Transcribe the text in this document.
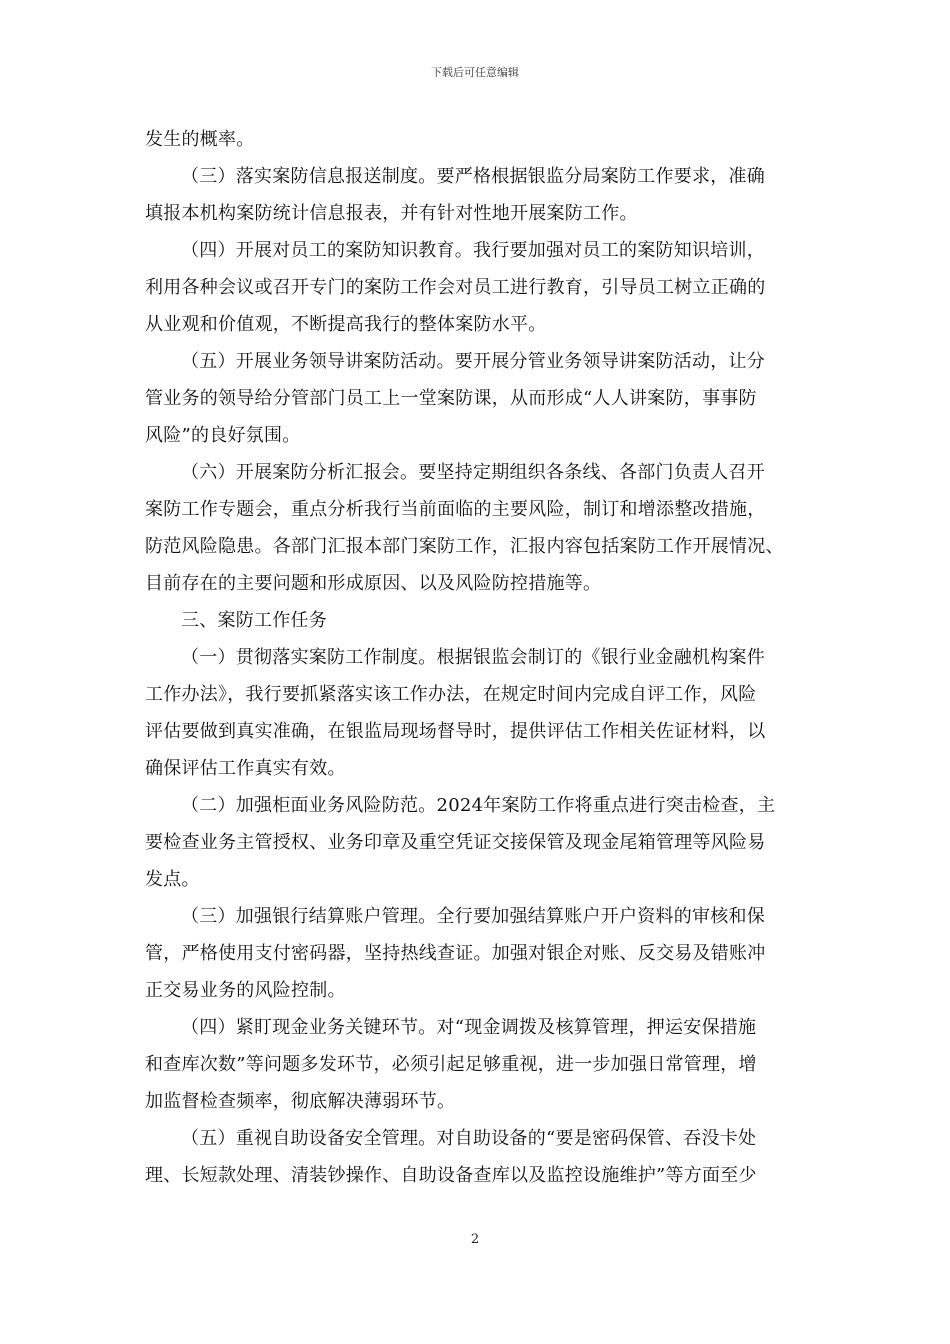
下载后可任意编辑
发生的概率。
（三）落实案防信息报送制度。要严格根据银监分局案防工作要求，准确
填报本机构案防统计信息报表，并有针对性地开展案防工作。
（四）开展对员工的案防知识教育。我行要加强对员工的案防知识培训，
利用各种会议或召开专门的案防工作会对员工进行教育，引导员工树立正确的
从业观和价值观，不断提高我行的整体案防水平。
（五）开展业务领导讲案防活动。要开展分管业务领导讲案防活动，让分
管业务的领导给分管部门员工上一堂案防课，从而形成“人人讲案防，事事防
风险”的良好氛围。
（六）开展案防分析汇报会。要坚持定期组织各条线、各部门负责人召开
案防工作专题会，重点分析我行当前面临的主要风险，制订和增添整改措施，
防范风险隐患。各部门汇报本部门案防工作，汇报内容包括案防工作开展情况、
目前存在的主要问题和形成原因、以及风险防控措施等。
三、案防工作任务
（一）贯彻落实案防工作制度。根据银监会制订的《银行业金融机构案件
工作办法》，我行要抓紧落实该工作办法，在规定时间内完成自评工作，风险
评估要做到真实准确，在银监局现场督导时，提供评估工作相关佐证材料，以
确保评估工作真实有效。
（二）加强柜面业务风险防范。2024年案防工作将重点进行突击检查，主
要检查业务主管授权、业务印章及重空凭证交接保管及现金尾箱管理等风险易
发点。
（三）加强银行结算账户管理。全行要加强结算账户开户资料的审核和保
管，严格使用支付密码器，坚持热线查证。加强对银企对账、反交易及错账冲
正交易业务的风险控制。
（四）紧盯现金业务关键环节。对“现金调拨及核算管理，押运安保措施
和查库次数”等问题多发环节，必须引起足够重视，进一步加强日常管理，增
加监督检查频率，彻底解决薄弱环节。
（五）重视自助设备安全管理。对自助设备的“要是密码保管、吞没卡处
理、长短款处理、清装钞操作、自助设备查库以及监控设施维护”等方面至少
2
